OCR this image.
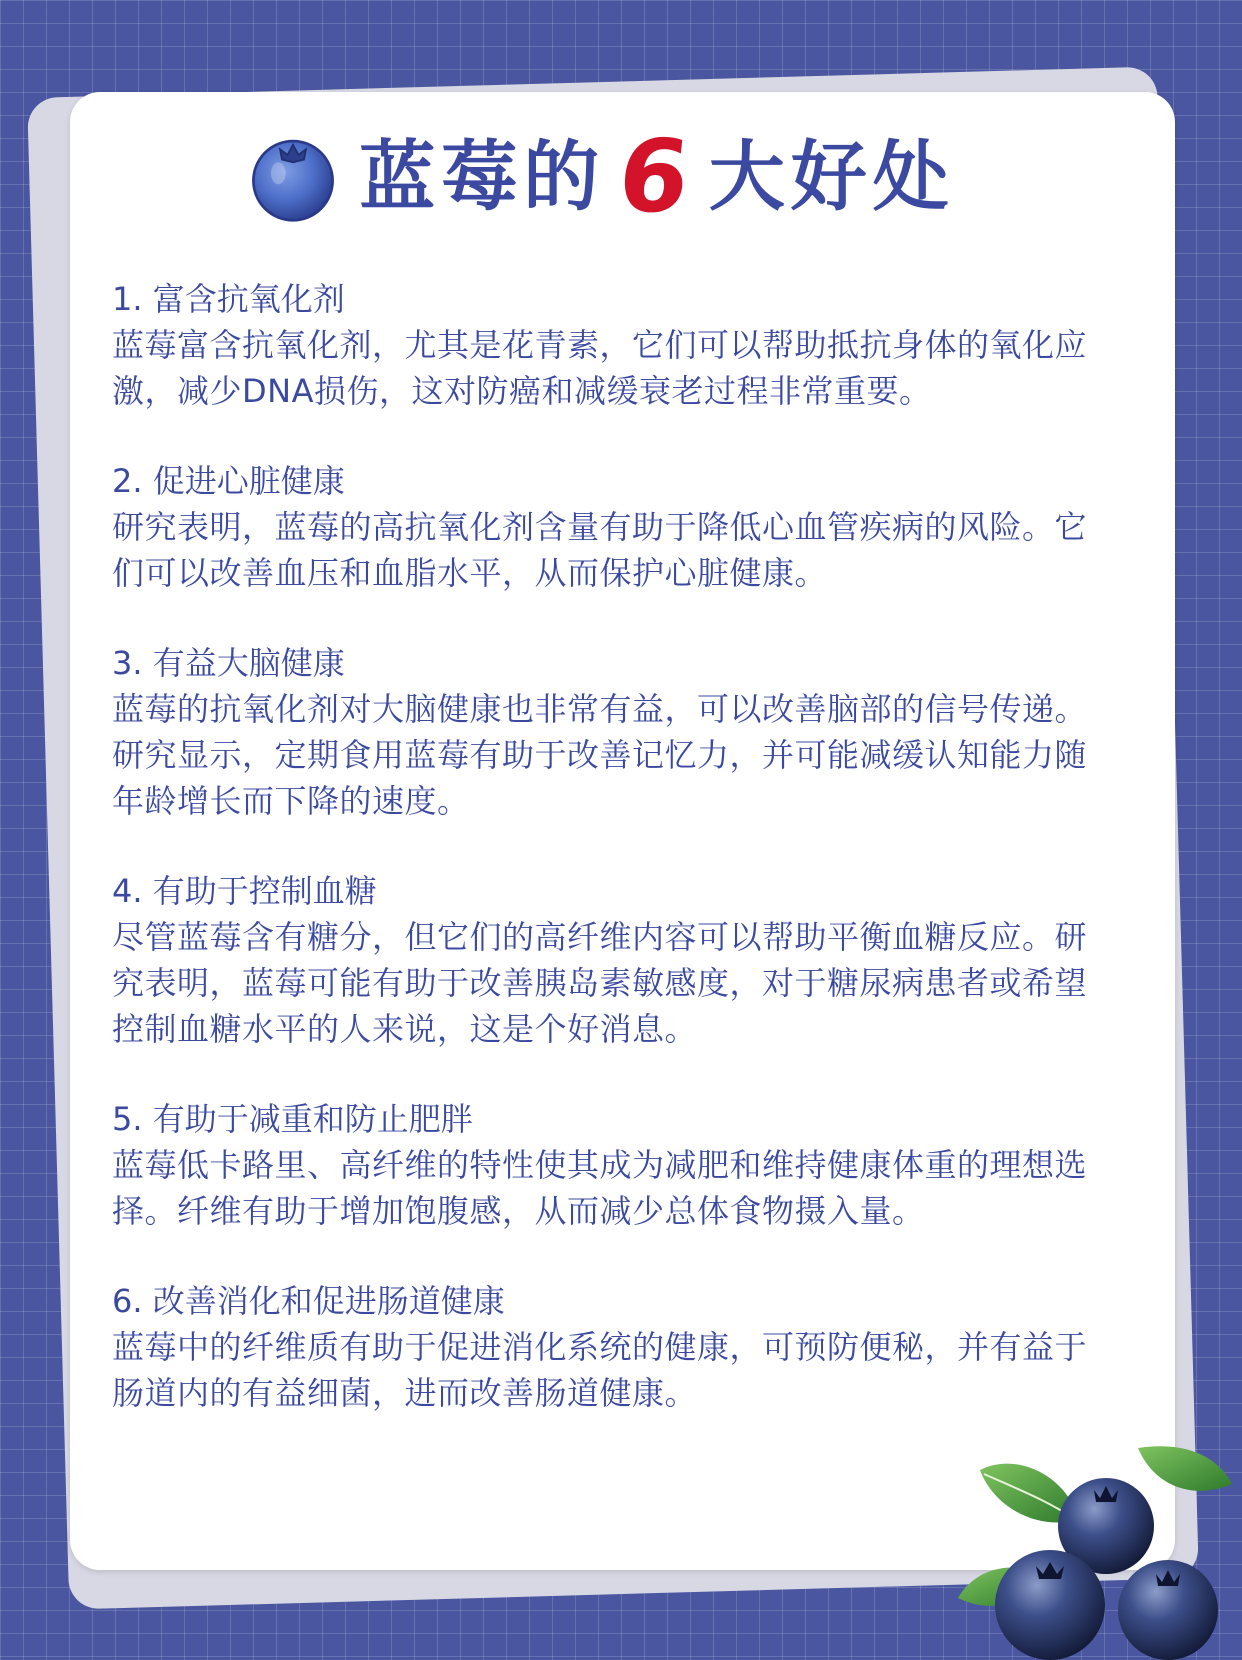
蓝莓的 6 大好处
1. 富含抗氧化剂
蓝莓富含抗氧化剂，尤其是花青素，它们可以帮助抵抗身体的氧化应激，减少DNA损伤，这对防癌和减缓衰老过程非常重要。
2. 促进心脏健康
研究表明，蓝莓的高抗氧化剂含量有助于降低心血管疾病的风险。它们可以改善血压和血脂水平，从而保护心脏健康。
3. 有益大脑健康
蓝莓的抗氧化剂对大脑健康也非常有益，可以改善脑部的信号传递。研究显示，定期食用蓝莓有助于改善记忆力，并可能减缓认知能力随年龄增长而下降的速度。
4. 有助于控制血糖
尽管蓝莓含有糖分，但它们的高纤维内容可以帮助平衡血糖反应。研究表明，蓝莓可能有助于改善胰岛素敏感度，对于糖尿病患者或希望控制血糖水平的人来说，这是个好消息。
5. 有助于减重和防止肥胖
蓝莓低卡路里、高纤维的特性使其成为减肥和维持健康体重的理想选择。纤维有助于增加饱腹感，从而减少总体食物摄入量。
6. 改善消化和促进肠道健康
蓝莓中的纤维质有助于促进消化系统的健康，可预防便秘，并有益于肠道内的有益细菌，进而改善肠道健康。
